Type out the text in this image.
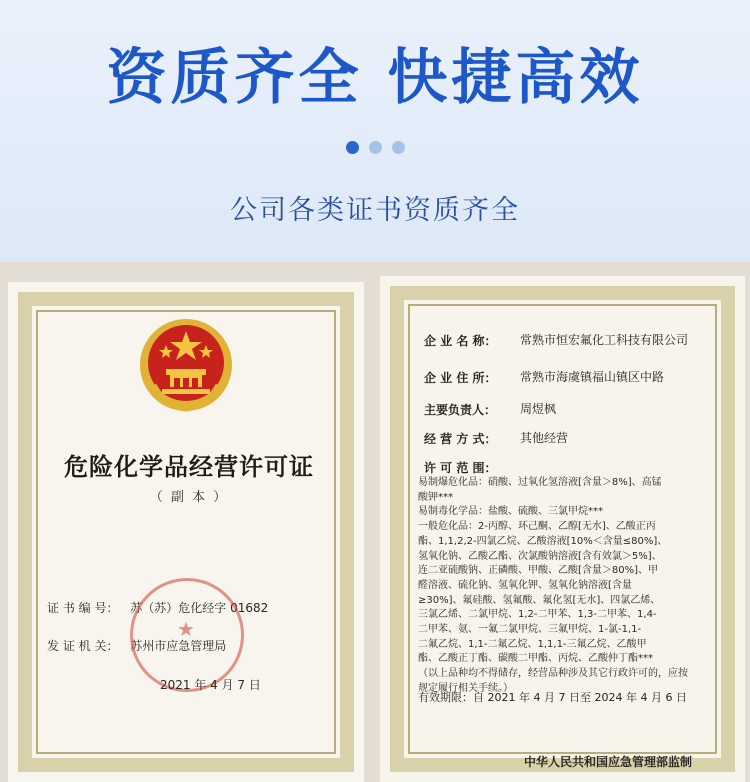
资质齐全 快捷高效
公司各类证书资质齐全
危险化学品经营许可证
（ 副 本 ）
证 书 编 号： 苏（苏）危化经字 01682
发 证 机 关： 苏州市应急管理局
★
2021 年 4 月 7 日
企 业 名 称： 常熟市恒宏氟化工科技有限公司
企 业 住 所： 常熟市海虞镇福山镇区中路
主要负责人： 周煜枫
经 营 方 式： 其他经营
许 可 范 围：
易制爆危化品：硝酸、过氧化氢溶液[含量＞8%]、高锰
酸钾***
易制毒化学品：盐酸、硫酸、三氯甲烷***
一般危化品：2-丙醇、环己酮、乙醇[无水]、乙酸正丙
酯、1,1,2,2-四氯乙烷、乙酸溶液[10%＜含量≤80%]、
氢氧化钠、乙酸乙酯、次氯酸钠溶液[含有效氯＞5%]、
连二亚硫酸钠、正磷酸、甲酸、乙酸[含量＞80%]、甲
醛溶液、硫化钠、氢氧化钾、氢氧化钠溶液[含量
≥30%]、氟硅酸、氢氟酸、氟化氢[无水]、四氯乙烯、
三氯乙烯、二氯甲烷、1,2-二甲苯、1,3-二甲苯、1,4-
二甲苯、氨、一氟二氯甲烷、三氟甲烷、1-氯-1,1-
二氟乙烷、1,1-二氟乙烷、1,1,1-三氟乙烷、乙酸甲
酯、乙酸正丁酯、碳酸二甲酯、丙烷、乙酸仲丁酯***
（以上品种均不得储存，经营品种涉及其它行政许可的，应按规定履行相关手续。）
有效期限：自 2021 年 4 月 7 日至 2024 年 4 月 6 日
中华人民共和国应急管理部监制
